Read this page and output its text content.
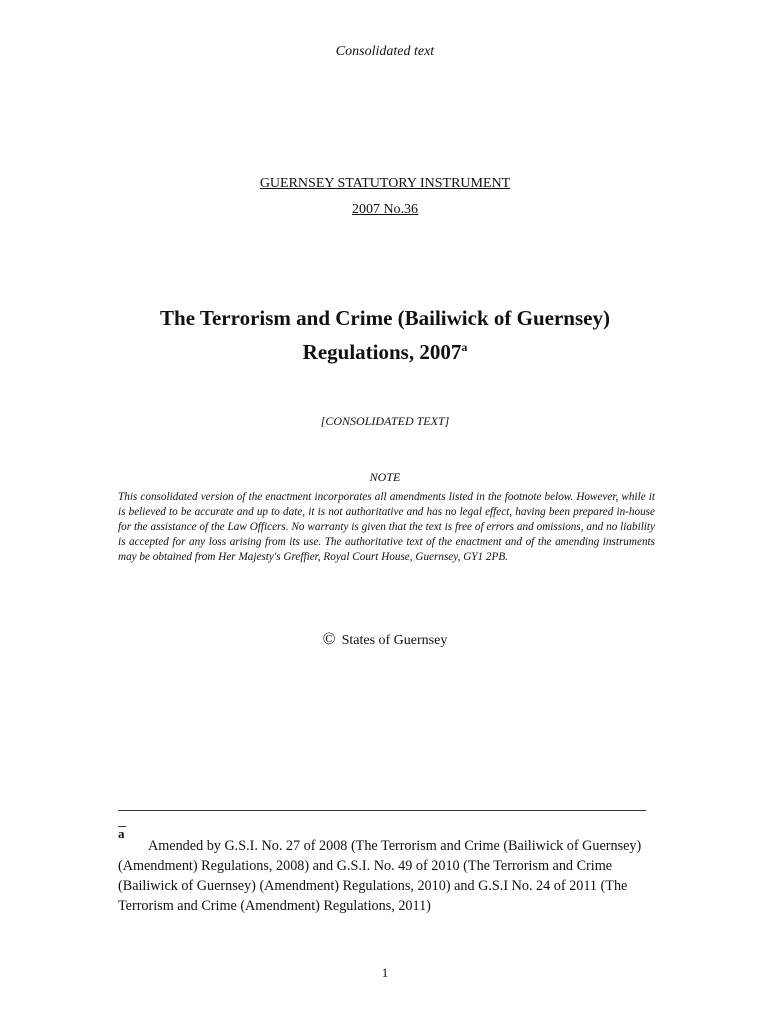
Consolidated text
GUERNSEY STATUTORY INSTRUMENT
2007 No.36
The Terrorism and Crime (Bailiwick of Guernsey)
Regulations, 2007$^a$
[CONSOLIDATED TEXT]
NOTE

This consolidated version of the enactment incorporates all amendments listed in the footnote below. However, while it is believed to be accurate and up to date, it is not authoritative and has no legal effect, having been prepared in-house for the assistance of the Law Officers. No warranty is given that the text is free of errors and omissions, and no liability is accepted for any loss arising from its use. The authoritative text of the enactment and of the amending instruments may be obtained from Her Majesty's Greffier, Royal Court House, Guernsey, GY1 2PB.

© States of Guernsey
a

Amended by G.S.I. No. 27 of 2008 (The Terrorism and Crime (Bailiwick of Guernsey) (Amendment) Regulations, 2008) and G.S.I. No. 49 of 2010 (The Terrorism and Crime (Bailiwick of Guernsey) (Amendment) Regulations, 2010) and G.S.I No. 24 of 2011 (The Terrorism and Crime (Amendment) Regulations, 2011)

1
